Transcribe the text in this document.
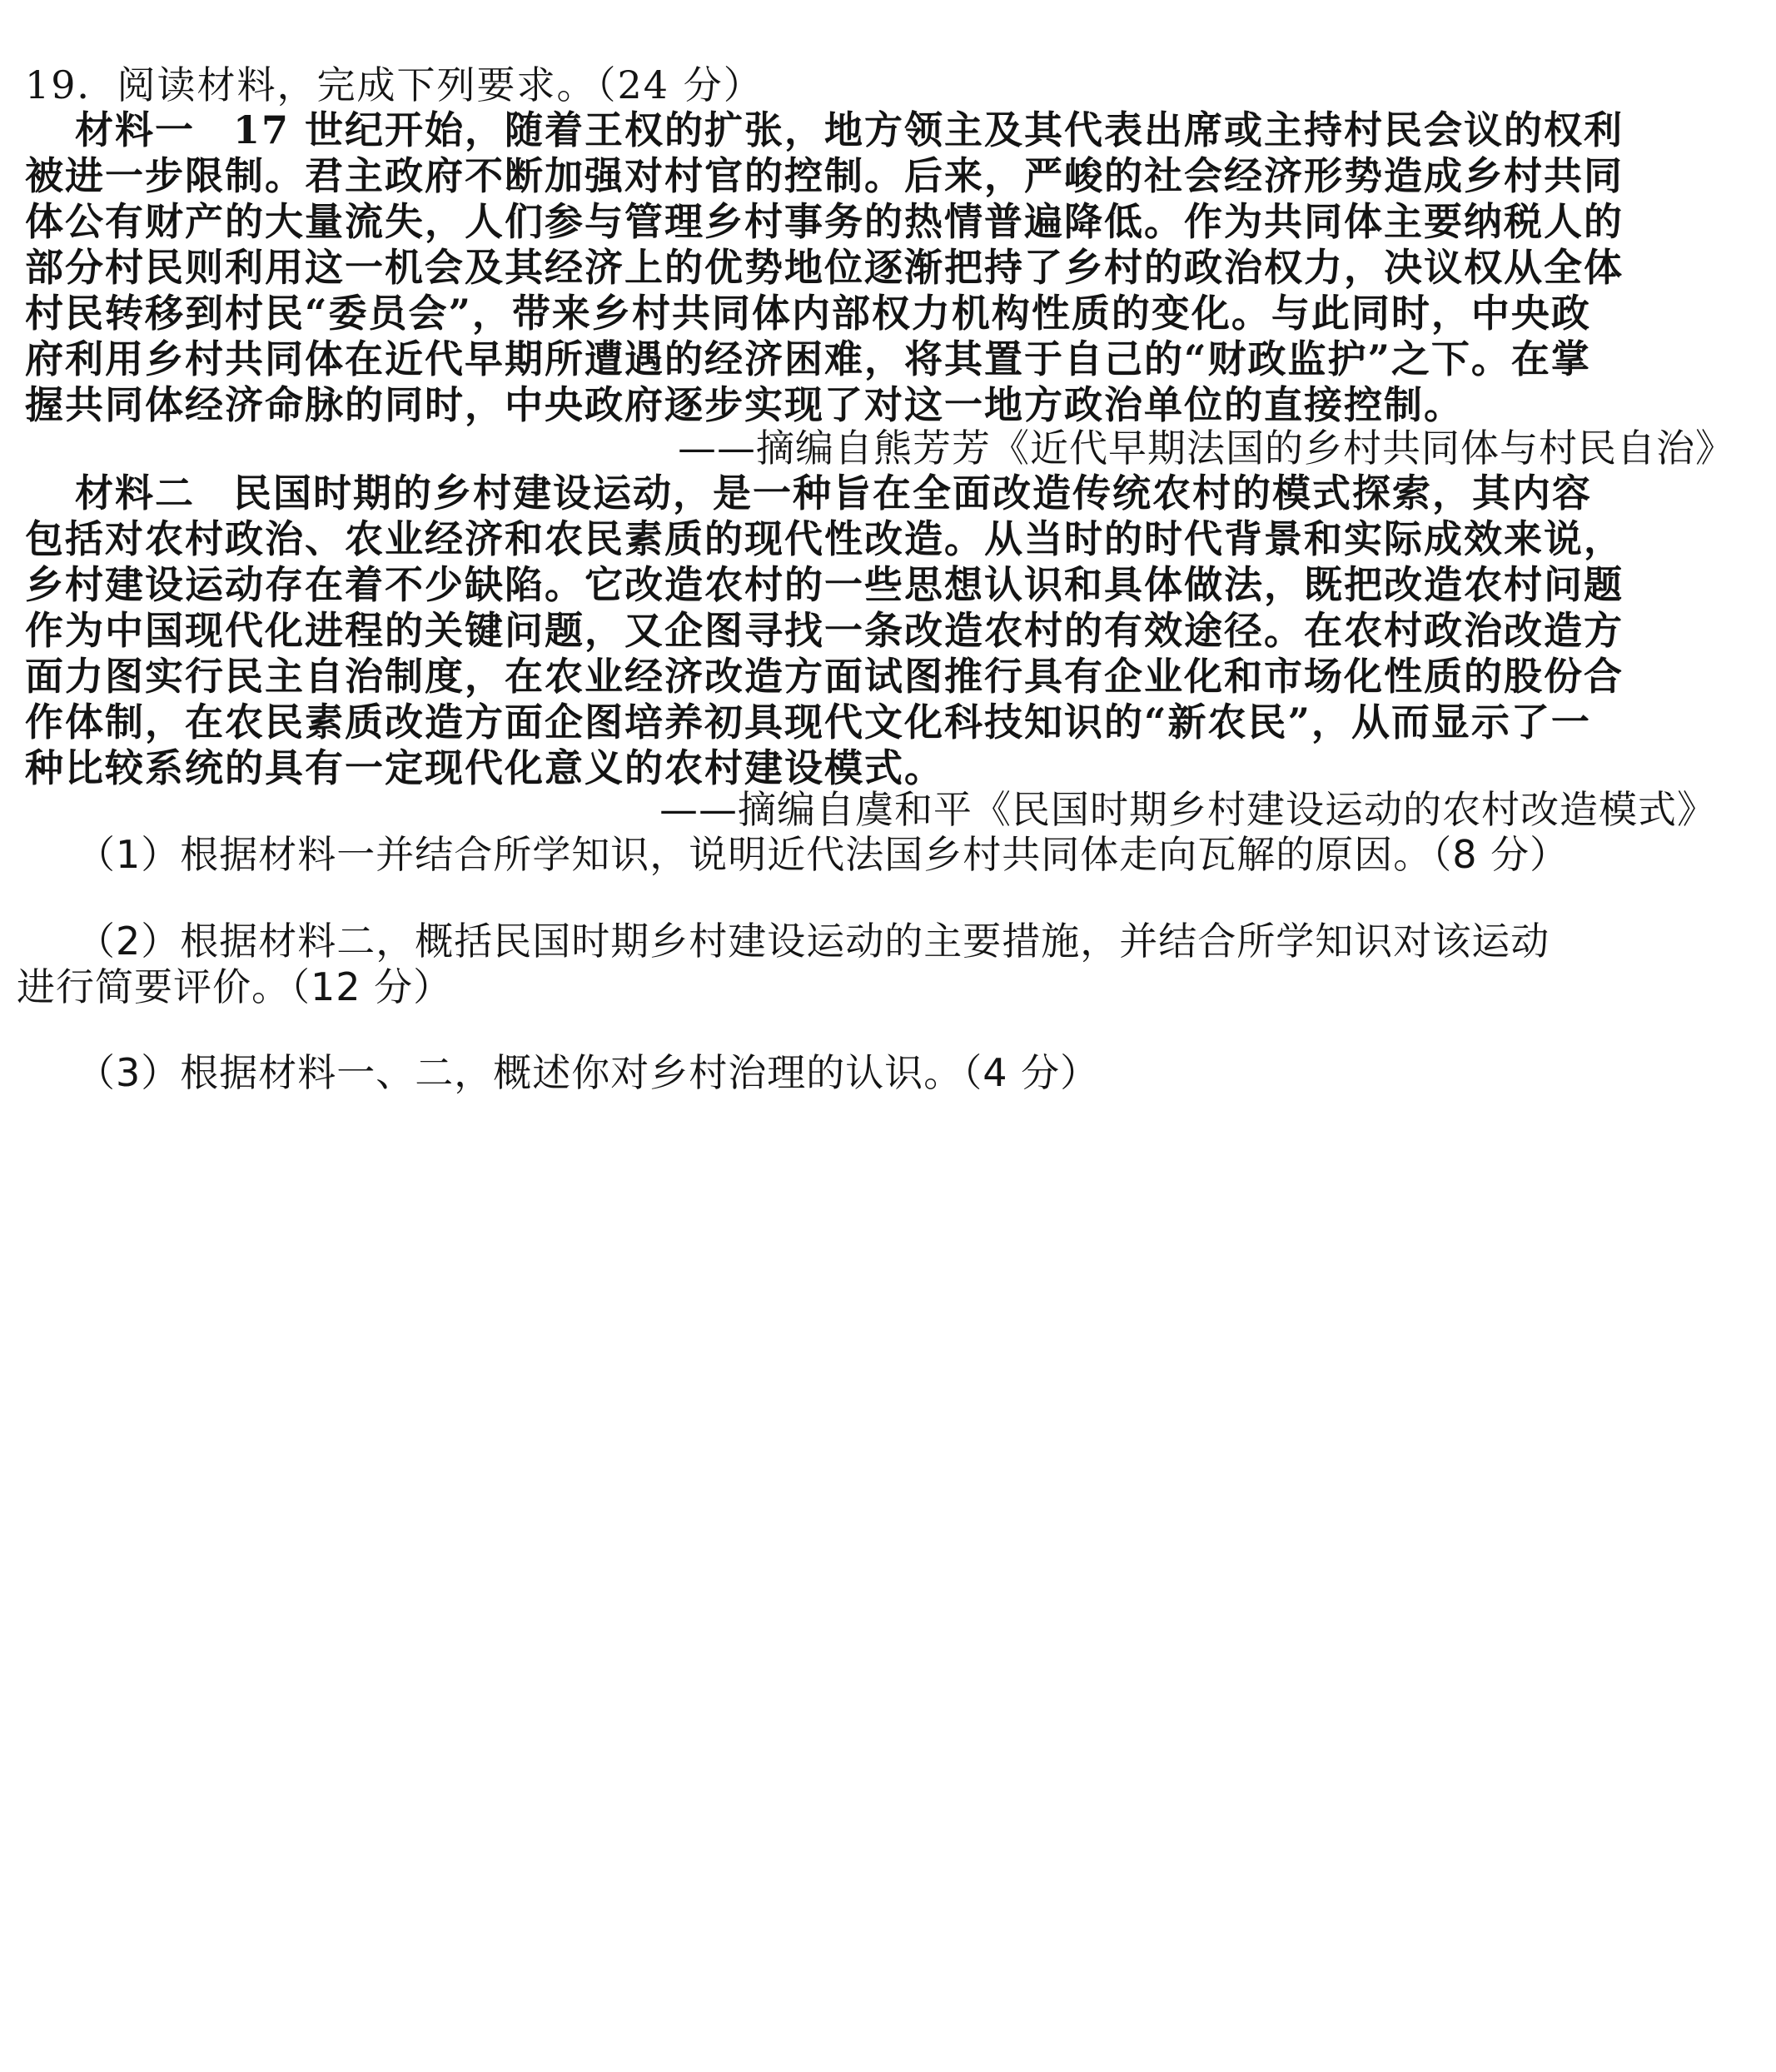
19．阅读材料，完成下列要求。（24 分）
材料一 17 世纪开始，随着王权的扩张，地方领主及其代表出席或主持村民会议的权利
被进一步限制。君主政府不断加强对村官的控制。后来，严峻的社会经济形势造成乡村共同
体公有财产的大量流失，人们参与管理乡村事务的热情普遍降低。作为共同体主要纳税人的
部分村民则利用这一机会及其经济上的优势地位逐渐把持了乡村的政治权力，决议权从全体
村民转移到村民“委员会”，带来乡村共同体内部权力机构性质的变化。与此同时，中央政
府利用乡村共同体在近代早期所遭遇的经济困难，将其置于自己的“财政监护”之下。在掌
握共同体经济命脉的同时，中央政府逐步实现了对这一地方政治单位的直接控制。
——摘编自熊芳芳《近代早期法国的乡村共同体与村民自治》
材料二 民国时期的乡村建设运动，是一种旨在全面改造传统农村的模式探索，其内容
包括对农村政治、农业经济和农民素质的现代性改造。从当时的时代背景和实际成效来说，
乡村建设运动存在着不少缺陷。它改造农村的一些思想认识和具体做法，既把改造农村问题
作为中国现代化进程的关键问题，又企图寻找一条改造农村的有效途径。在农村政治改造方
面力图实行民主自治制度，在农业经济改造方面试图推行具有企业化和市场化性质的股份合
作体制，在农民素质改造方面企图培养初具现代文化科技知识的“新农民”，从而显示了一
种比较系统的具有一定现代化意义的农村建设模式。
——摘编自虞和平《民国时期乡村建设运动的农村改造模式》
（1）根据材料一并结合所学知识，说明近代法国乡村共同体走向瓦解的原因。（8 分）
（2）根据材料二，概括民国时期乡村建设运动的主要措施，并结合所学知识对该运动
进行简要评价。（12 分）
（3）根据材料一、二，概述你对乡村治理的认识。（4 分）
